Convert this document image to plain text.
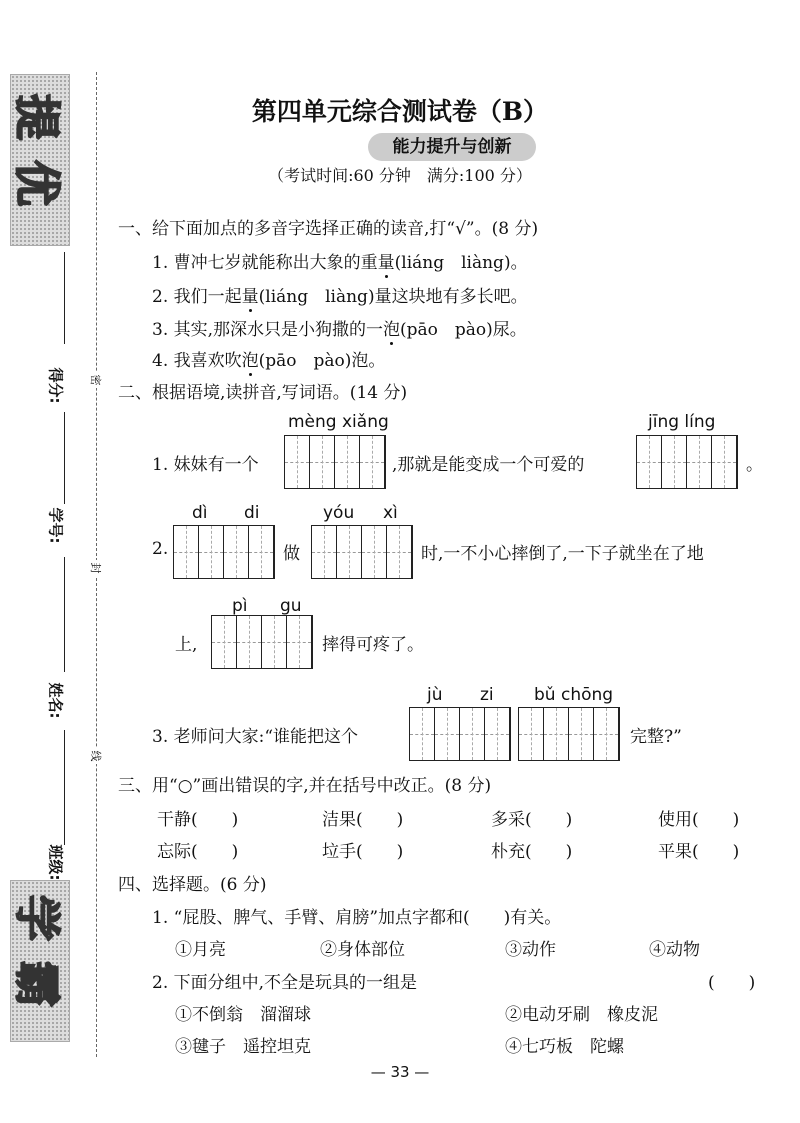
提优
学霸
得分:
学号:
姓名:
班级:
密
封
线
第四单元综合测试卷（B）
能力提升与创新
（考试时间:60 分钟　满分:100 分）
一、给下面加点的多音字选择正确的读音,打“√”。(8 分)
1. 曹冲七岁就能称出大象的重量(liáng　liàng)。
2. 我们一起量(liáng　liàng)量这块地有多长吧。
3. 其实,那深水只是小狗撒的一泡(pāo　pào)尿。
4. 我喜欢吹泡(pāo　pào)泡。
二、根据语境,读拼音,写词语。(14 分)
1. 妹妹有一个
mèng xiǎng
,那就是能变成一个可爱的
jīng líng
。
2.
dì di
做
yóu xì
时,一不小心摔倒了,一下子就坐在了地
上,
pì gu
摔得可疼了。
3. 老师问大家:“谁能把这个
jù zi bǔ chōng
完整?”
三、用“○”画出错误的字,并在括号中改正。(8 分)
干静(　　)	洁果(　　)	多采(　　)	使用(　　)
忘际(　　)	垃手(　　)	朴充(　　)	平果(　　)
四、选择题。(6 分)
1. “屁股、脾气、手臂、肩膀”加点字都和(　　)有关。
①月亮	②身体部位	③动作	④动物
2. 下面分组中,不全是玩具的一组是	(　　)
①不倒翁　溜溜球	②电动牙刷　橡皮泥
③毽子　遥控坦克	④七巧板　陀螺
— 33 —
